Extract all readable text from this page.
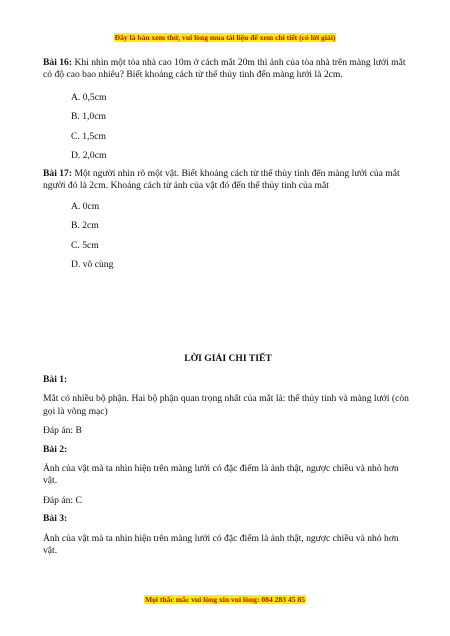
Đây là bản xem thử, vui lòng mua tài liệu để xem chi tiết (có lời giải)

Bài 16: Khi nhìn một tòa nhà cao 10m ở cách mắt 20m thì ảnh của tòa nhà trên màng lưới mắt có độ cao bao nhiêu? Biết khoảng cách từ thể thủy tinh đến màng lưới là 2cm.

A. 0,5cm

B. 1,0cm

C. 1,5cm

D. 2,0cm

Bài 17: Một người nhìn rõ một vật. Biết khoảng cách từ thể thủy tinh đến màng lưới của mắt người đó là 2cm. Khoảng cách từ ảnh của vật đó đến thể thủy tinh của mắt

A. 0cm

B. 2cm

C. 5cm

D. vô cùng

LỜI GIẢI CHI TIẾT

Bài 1:

Mắt có nhiều bộ phận. Hai bộ phận quan trọng nhất của mắt là: thể thủy tinh và màng lưới (còn gọi là võng mạc)

Đáp án: B

Bài 2:

Ảnh của vật mà ta nhìn hiện trên màng lưới có đặc điểm là ảnh thật, ngược chiều và nhỏ hơn vật.

Đáp án: C

Bài 3:

Ảnh của vật mà ta nhìn hiện trên màng lưới có đặc điểm là ảnh thật, ngược chiều và nhỏ hơn vật.

Mọi thắc mắc vui lòng xin vui lòng: 084 283 45 85
